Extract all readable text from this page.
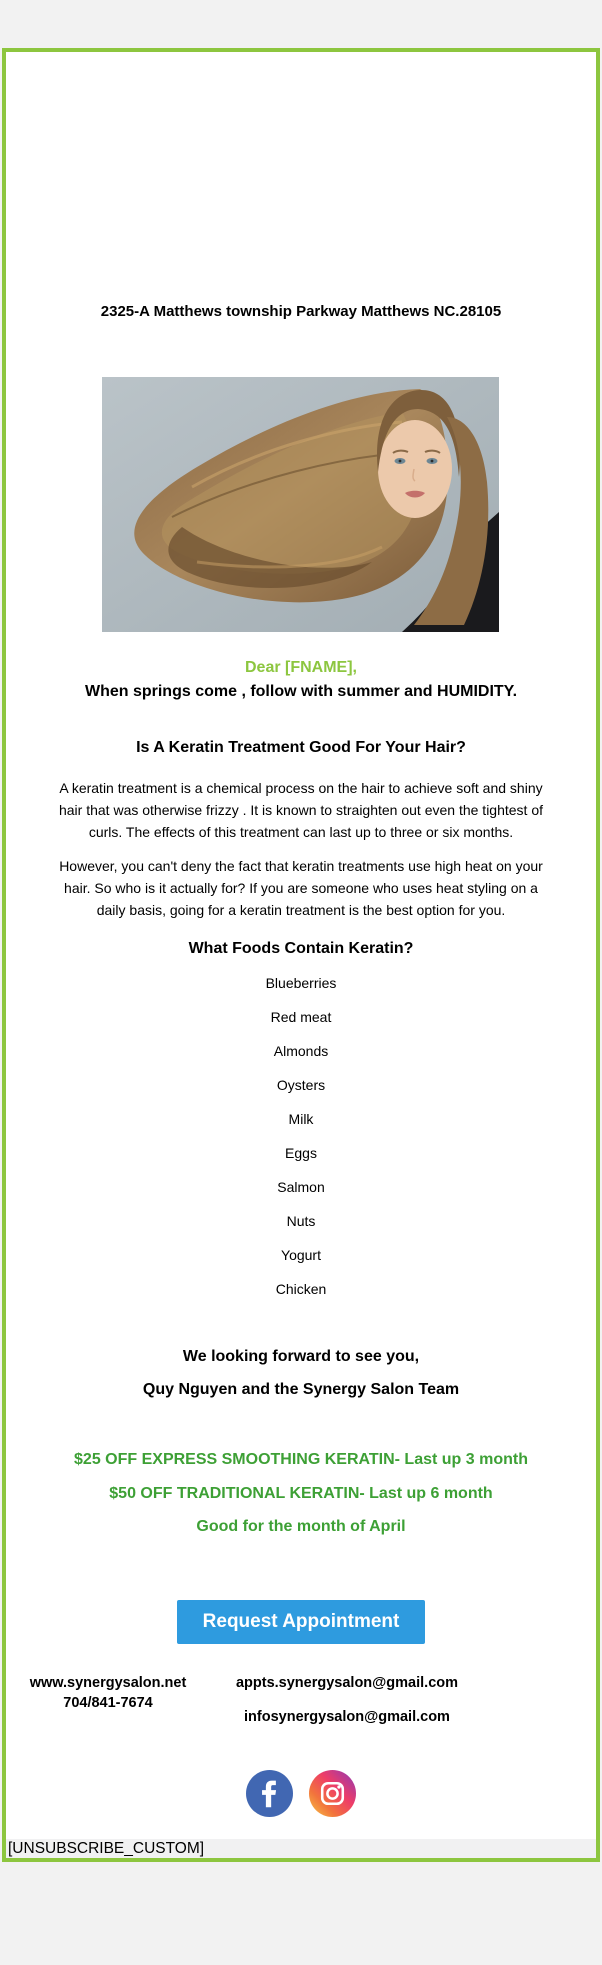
2325-A Matthews township Parkway Matthews NC.28105
Dear [FNAME],
When springs come , follow with summer and HUMIDITY.
Is A Keratin Treatment Good For Your Hair?

A keratin treatment is a chemical process on the hair to achieve soft and shiny hair that was otherwise frizzy . It is known to straighten out even the tightest of curls. The effects of this treatment can last up to three or six months.

However, you can't deny the fact that keratin treatments use high heat on your hair. So who is it actually for? If you are someone who uses heat styling on a daily basis, going for a keratin treatment is the best option for you.

What Foods Contain Keratin?
Blueberries
Red meat
Almonds
Oysters
Milk
Eggs
Salmon
Nuts
Yogurt
Chicken
We looking forward to see you,
Quy Nguyen and the Synergy Salon Team
$25 OFF EXPRESS SMOOTHING KERATIN- Last up 3 month
$50 OFF TRADITIONAL KERATIN- Last up 6 month
Good for the month of April
Request Appointment
www.synergysalon.net
704/841-7674
appts.synergysalon@gmail.com
infosynergysalon@gmail.com
[UNSUBSCRIBE_CUSTOM]
